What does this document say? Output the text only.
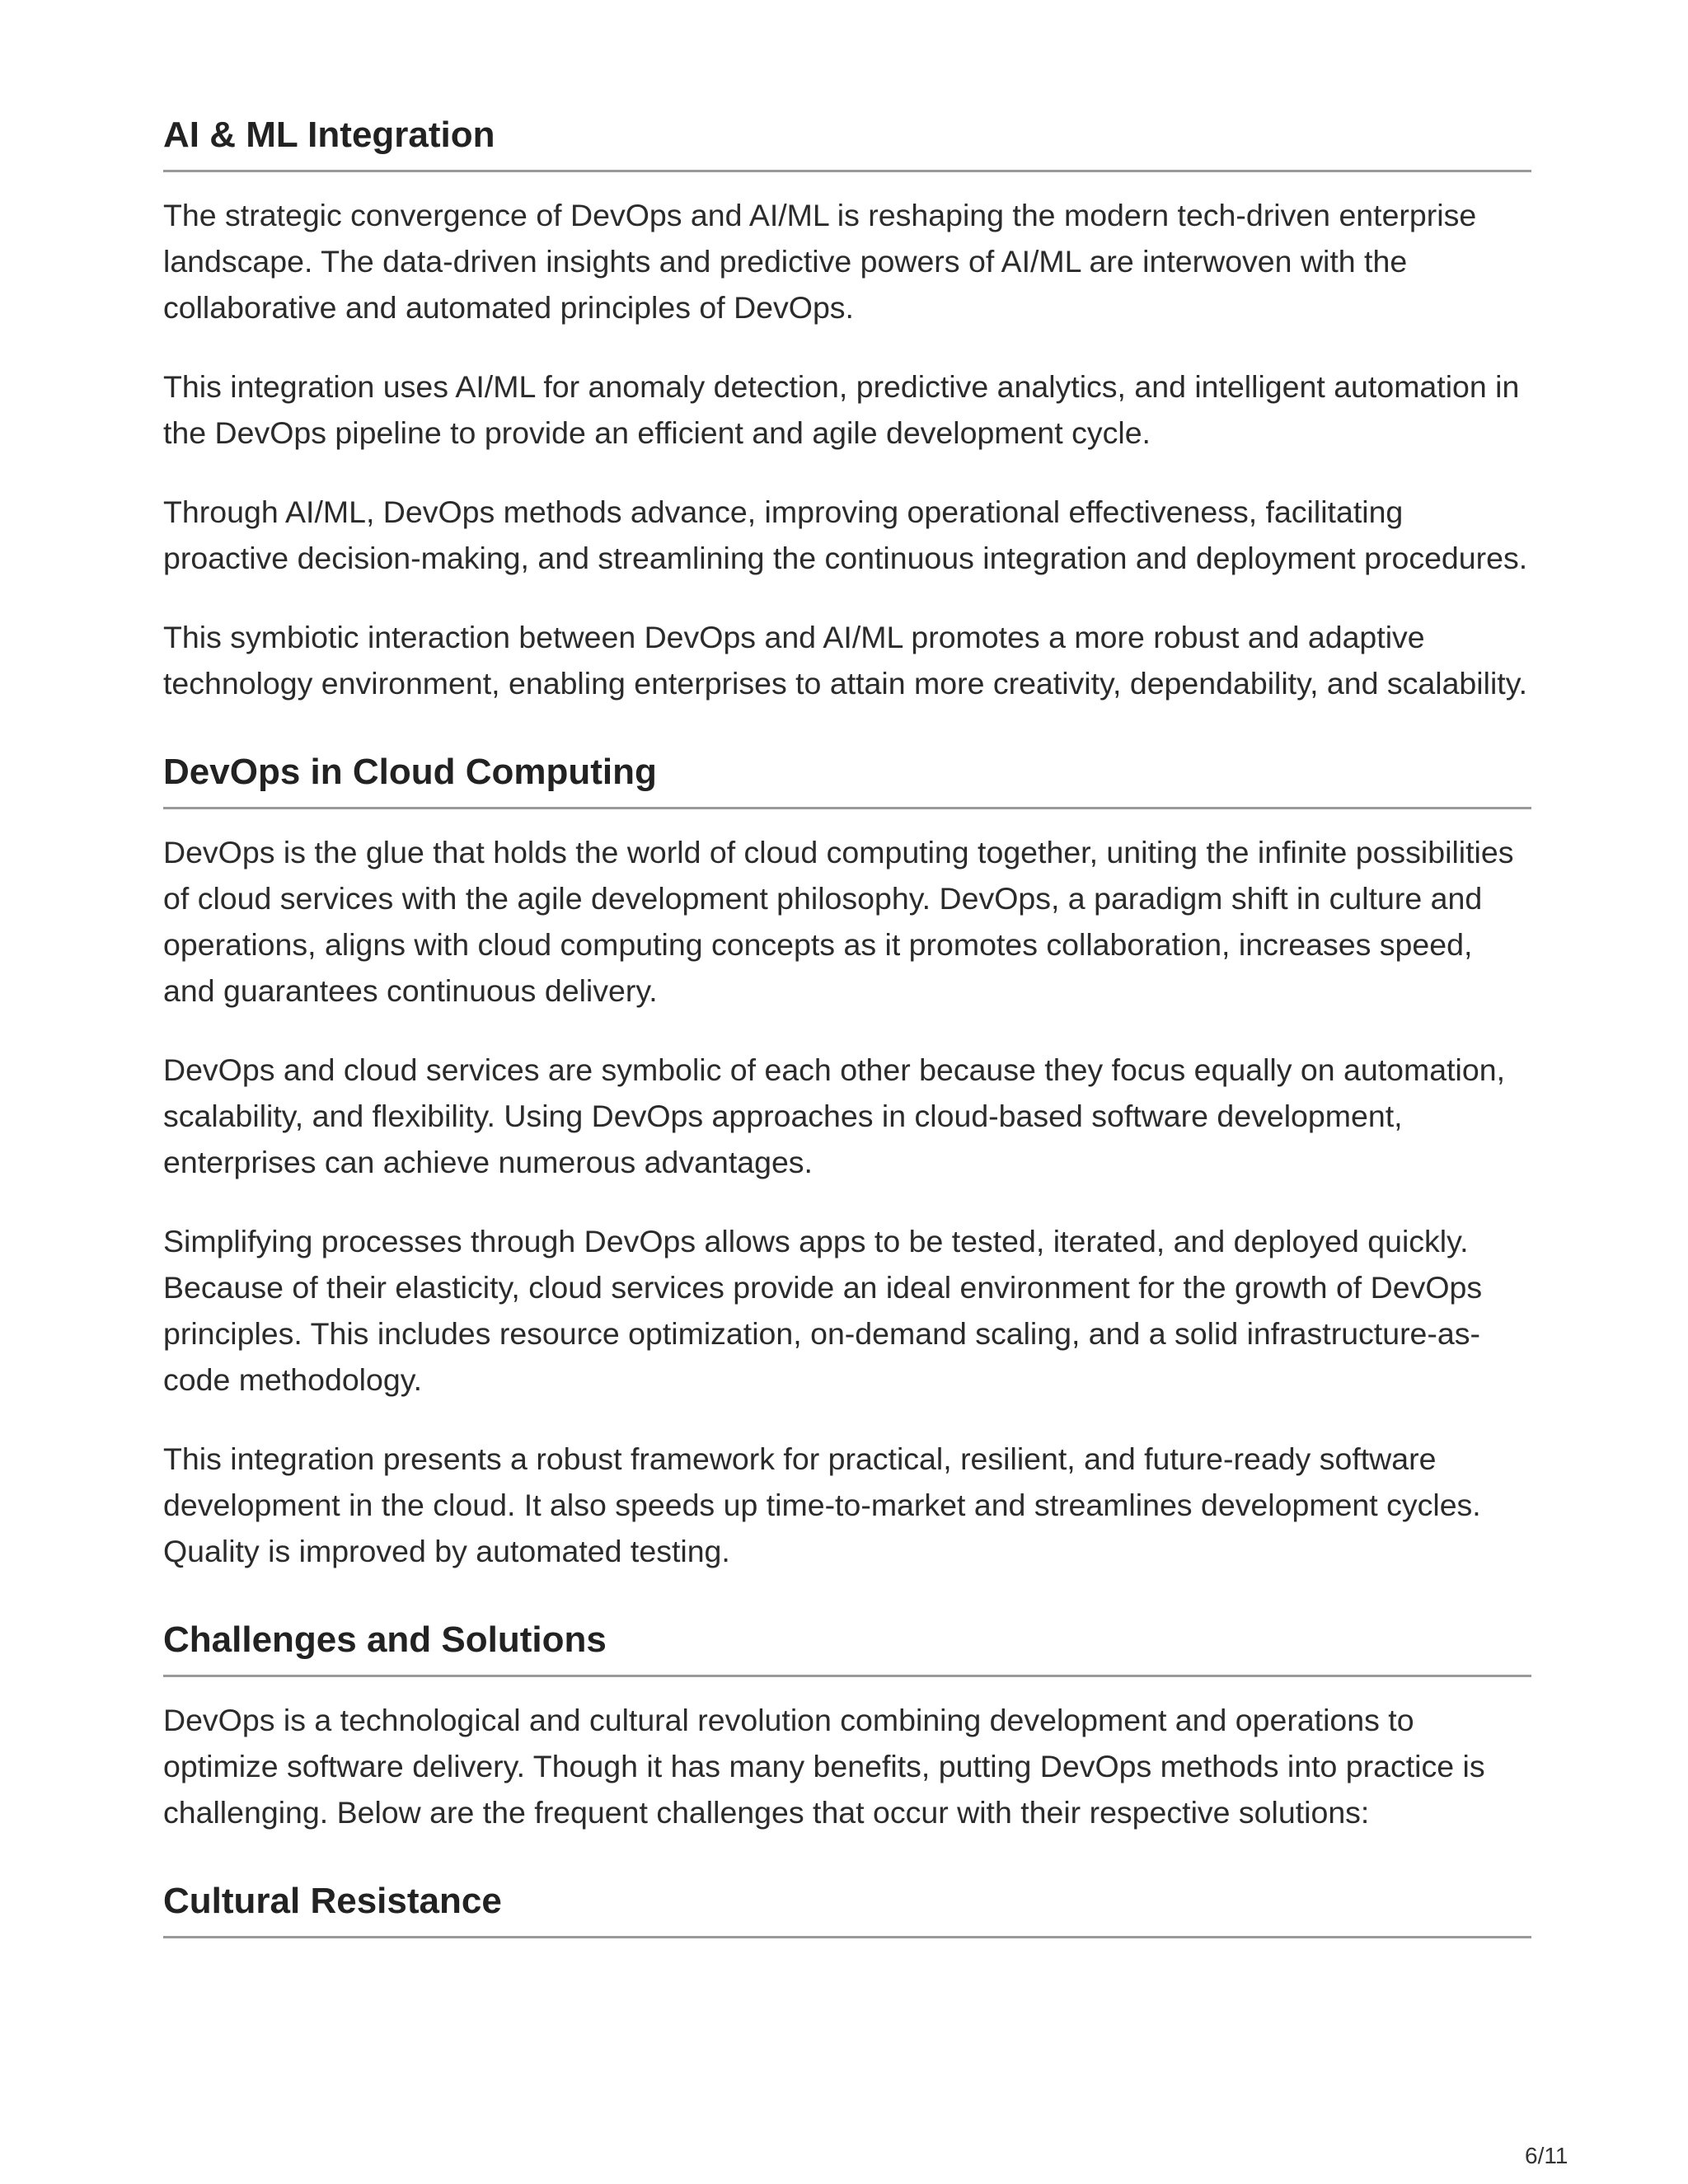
AI & ML Integration

The strategic convergence of DevOps and AI/ML is reshaping the modern tech-driven enterprise landscape. The data-driven insights and predictive powers of AI/ML are interwoven with the collaborative and automated principles of DevOps.

This integration uses AI/ML for anomaly detection, predictive analytics, and intelligent automation in the DevOps pipeline to provide an efficient and agile development cycle.

Through AI/ML, DevOps methods advance, improving operational effectiveness, facilitating proactive decision-making, and streamlining the continuous integration and deployment procedures.

This symbiotic interaction between DevOps and AI/ML promotes a more robust and adaptive technology environment, enabling enterprises to attain more creativity, dependability, and scalability.

DevOps in Cloud Computing

DevOps is the glue that holds the world of cloud computing together, uniting the infinite possibilities of cloud services with the agile development philosophy. DevOps, a paradigm shift in culture and operations, aligns with cloud computing concepts as it promotes collaboration, increases speed, and guarantees continuous delivery.

DevOps and cloud services are symbolic of each other because they focus equally on automation, scalability, and flexibility. Using DevOps approaches in cloud-based software development, enterprises can achieve numerous advantages.

Simplifying processes through DevOps allows apps to be tested, iterated, and deployed quickly. Because of their elasticity, cloud services provide an ideal environment for the growth of DevOps principles. This includes resource optimization, on-demand scaling, and a solid infrastructure-as-code methodology.

This integration presents a robust framework for practical, resilient, and future-ready software development in the cloud. It also speeds up time-to-market and streamlines development cycles. Quality is improved by automated testing.

Challenges and Solutions

DevOps is a technological and cultural revolution combining development and operations to optimize software delivery. Though it has many benefits, putting DevOps methods into practice is challenging. Below are the frequent challenges that occur with their respective solutions:

Cultural Resistance
6/11
